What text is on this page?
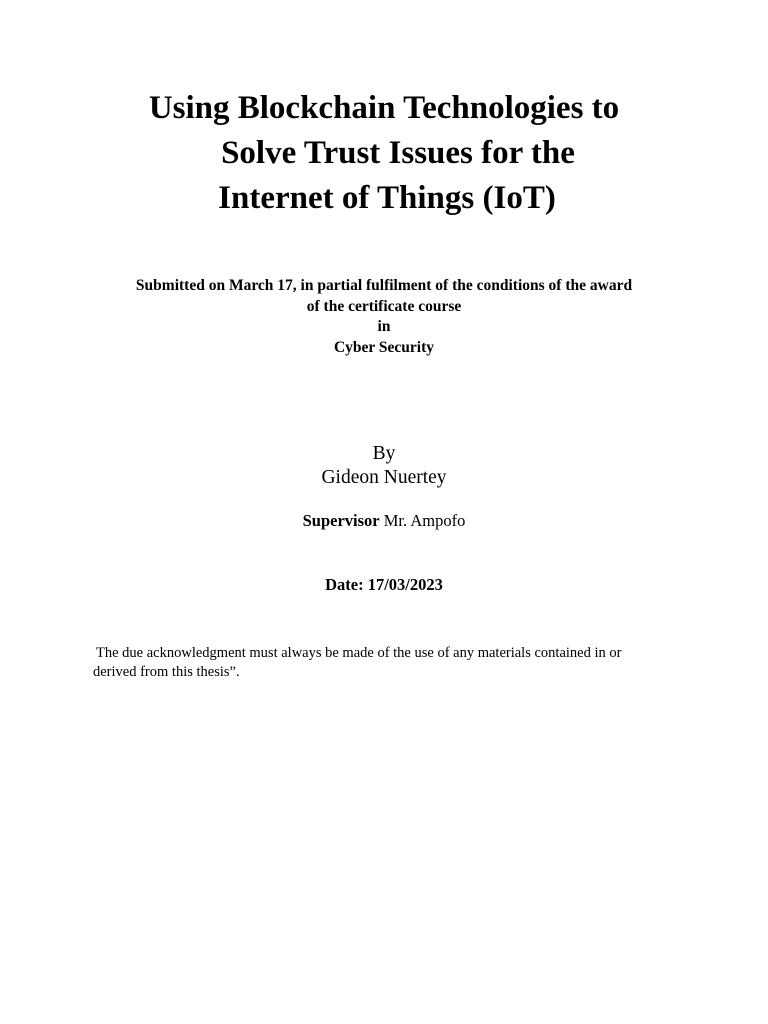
Using Blockchain Technologies to
Solve Trust Issues for the
Internet of Things (IoT)
Submitted on March 17, in partial fulfilment of the conditions of the award
of the certificate course
in
Cyber Security
By
Gideon Nuertey
Supervisor Mr. Ampofo
Date: 17/03/2023
The due acknowledgment must always be made of the use of any materials contained in or
derived from this thesis”.
